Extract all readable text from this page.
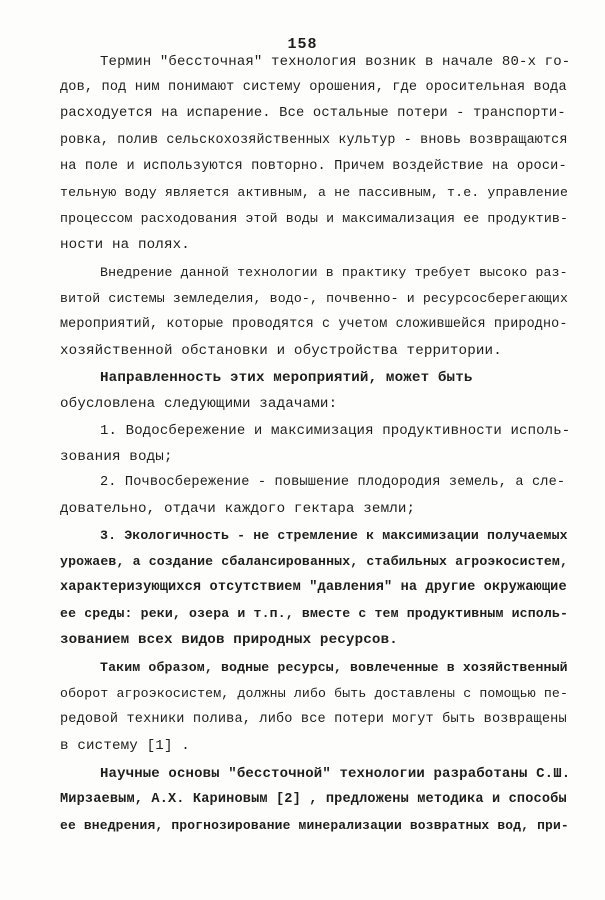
158
Термин "бессточная" технология возник в начале 80-х го-
дов, под ним понимают систему орошения, где оросительная вода
расходуется на испарение. Все остальные потери - транспорти-
ровка, полив сельскохозяйственных культур - вновь возвращаются
на поле и используются повторно. Причем воздействие на ороси-
тельную воду является активным, а не пассивным, т.е. управление
процессом расходования этой воды и максимализация ее продуктив-
ности на полях.
Внедрение данной технологии в практику требует высоко раз-
витой системы земледелия, водо-, почвенно- и ресурсосберегающих
мероприятий, которые проводятся с учетом сложившейся природно-
хозяйственной обстановки и обустройства территории.
Направленность этих мероприятий, может быть
обусловлена следующими задачами:
1. Водосбережение и максимизация продуктивности исполь-
зования воды;
2. Почвосбережение - повышение плодородия земель, а сле-
довательно, отдачи каждого гектара земли;
3. Экологичность - не стремление к максимизации получаемых
урожаев, а создание сбалансированных, стабильных агроэкосистем,
характеризующихся отсутствием "давления" на другие окружающие
ее среды: реки, озера и т.п., вместе с тем продуктивным исполь-
зованием всех видов природных ресурсов.
Таким образом, водные ресурсы, вовлеченные в хозяйственный
оборот агроэкосистем, должны либо быть доставлены с помощью пе-
редовой техники полива, либо все потери могут быть возвращены
в систему [1] .
Научные основы "бессточной" технологии разработаны С.Ш.
Мирзаевым, А.Х. Кариновым [2] , предложены методика и способы
ее внедрения, прогнозирование минерализации возвратных вод, при-
